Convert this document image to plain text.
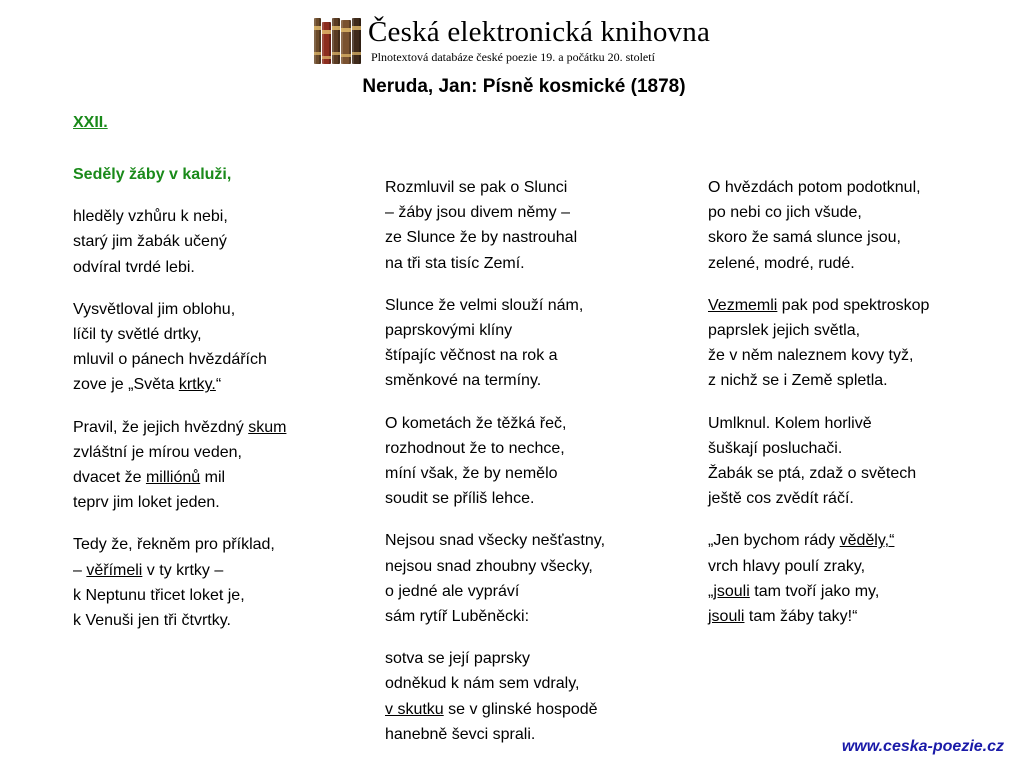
Česká elektronická knihovna
Plnotextová databáze české poezie 19. a počátku 20. století
Neruda, Jan: Písně kosmické (1878)
XXII.
Seděly žáby v kaluži,
hleděly vzhůru k nebi,
starý jim žabák učený
odvíral tvrdé lebi.
Vysvětloval jim oblohu,
líčil ty světlé drtky,
mluvil o pánech hvězdářích
zove je „Světa krtky.“
Pravil, že jejich hvězdný skum
zvláštní je mírou veden,
dvacet že milliónů mil
teprv jim loket jeden.
Tedy že, řekněm pro příklad,
– věřímeli v ty krtky –
k Neptunu třicet loket je,
k Venuši jen tři čtvrtky.
Rozmluvil se pak o Slunci
– žáby jsou divem němy –
ze Slunce že by nastrouhal
na tři sta tisíc Zemí.
Slunce že velmi slouží nám,
paprskovými klíny
štípajíc věčnost na rok a
směnkové na termíny.
O kometách že těžká řeč,
rozhodnout že to nechce,
míní však, že by nemělo
soudit se příliš lehce.
Nejsou snad všecky nešťastny,
nejsou snad zhoubny všecky,
o jedné ale vypráví
sám rytíř Luběněcki:
sotva se její paprsky
odněkud k nám sem vdraly,
v skutku se v glinské hospodě
hanebně ševci sprali.
O hvězdách potom podotknul,
po nebi co jich všude,
skoro že samá slunce jsou,
zelené, modré, rudé.
Vezmemli pak pod spektroskop
paprslek jejich světla,
že v něm naleznem kovy tyž,
z nichž se i Země spletla.
Umlknul. Kolem horlivě
šuškají posluchači.
Žabák se ptá, zdaž o světech
ještě cos zvědít ráčí.
„Jen bychom rády věděly,“
vrch hlavy poulí zraky,
„jsouli tam tvoří jako my,
jsouli tam žáby taky!“
www.ceska-poezie.cz
